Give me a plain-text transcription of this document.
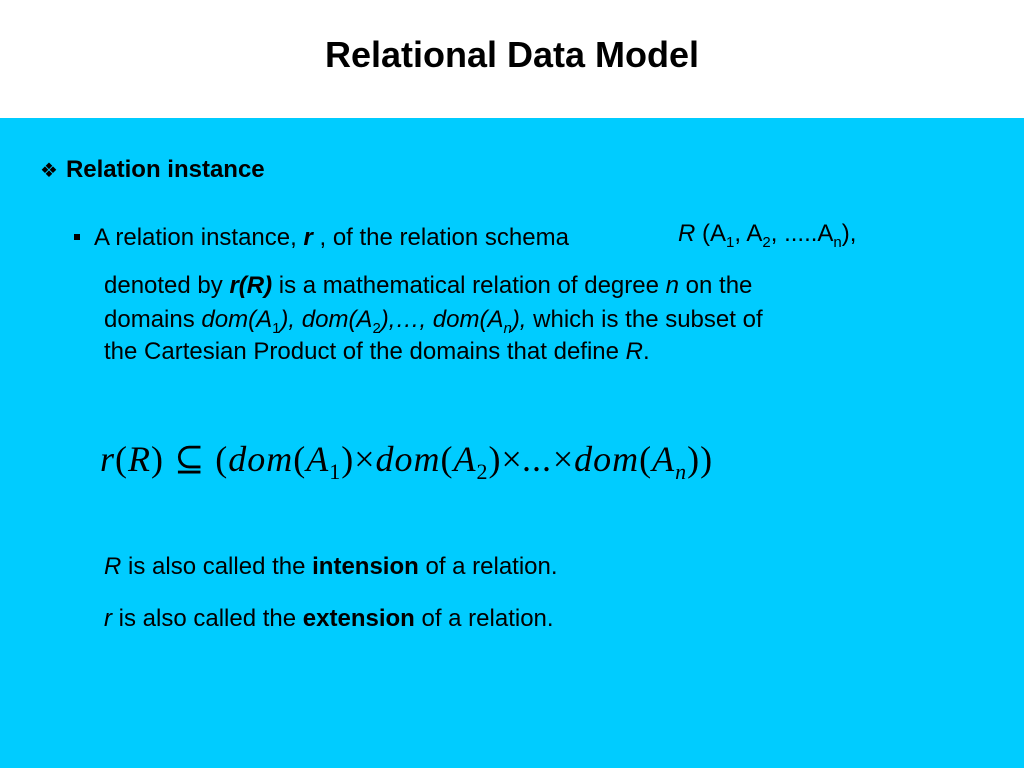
Relational Data Model
❖ Relation instance
A relation instance, r , of the relation schema	R ($A_1$, $A_2$, $.....A_n$),
denoted by r(R) is a mathematical relation of degree n on the
domains $dom(A_1)$, $dom(A_2),\dots$, $dom(A_n)$, which is the subset of
the Cartesian Product of the domains that define R.
r(R) ⊆ $(dom(A_1)\times dom(A_2)\times...\times dom(A_n))$
R is also called the intension of a relation.
r is also called the extension of a relation.
